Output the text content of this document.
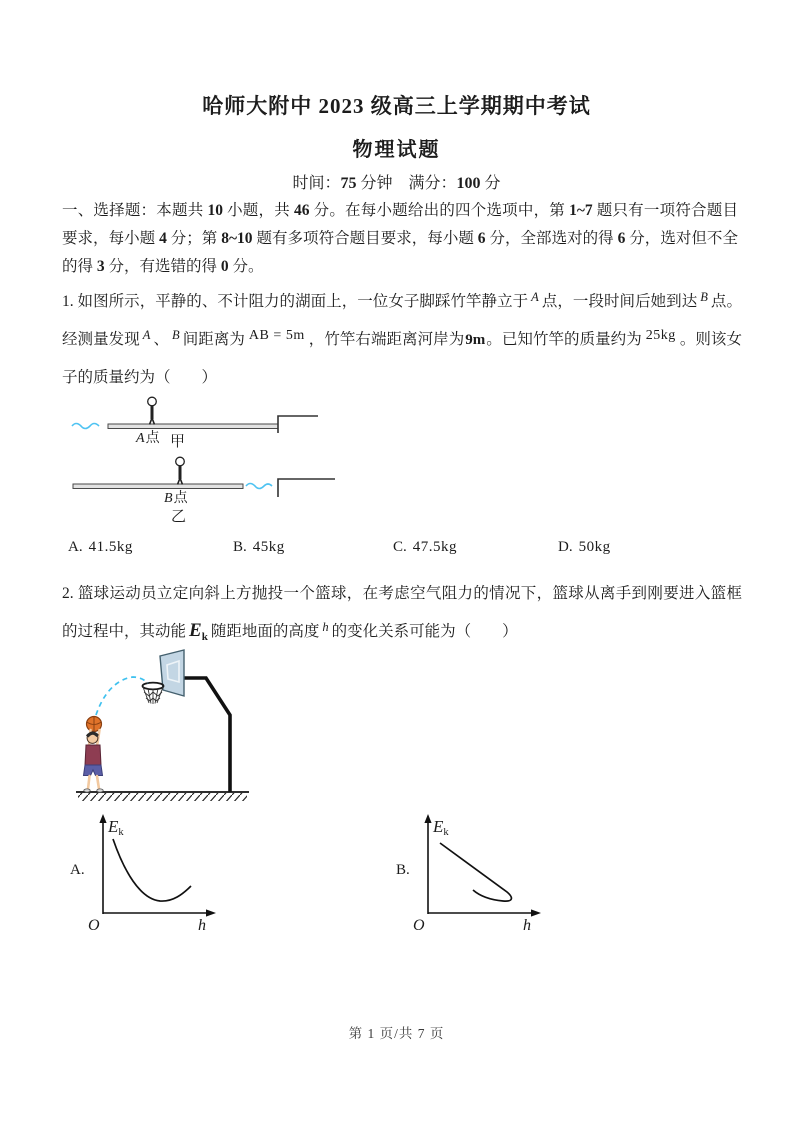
哈师大附中 2023 级高三上学期期中考试
物理试题
时间：75 分钟　满分：100 分
一、选择题：本题共 10 小题，共 46 分。在每小题给出的四个选项中，第 1~7 题只有一项符合题目要求，每小题 4 分；第 8~10 题有多项符合题目要求，每小题 6 分，全部选对的得 6 分，选对但不全的得 3 分，有选错的得 0 分。
1. 如图所示，平静的、不计阻力的湖面上，一位女子脚踩竹竿静立于 $^A$ 点，一段时间后她到达 $^B$ 点。经测量发现 $^A$ 、 $^B$ 间距离为 AB = 5m ，竹竿右端距离河岸为9m。已知竹竿的质量约为 25kg 。则该女子的质量约为（　　）
A点 甲
B点
乙
A. 41.5kg	B. 45kg	C. 47.5kg	D. 50kg
2. 篮球运动员立定向斜上方抛投一个篮球，在考虑空气阻力的情况下，篮球从离手到刚要进入篮框的过程中，其动能 $E_k$ 随距地面的高度 $^h$ 的变化关系可能为（　　）
A.
Ek
O	h
B.
Ek
O	h
第 1 页/共 7 页
